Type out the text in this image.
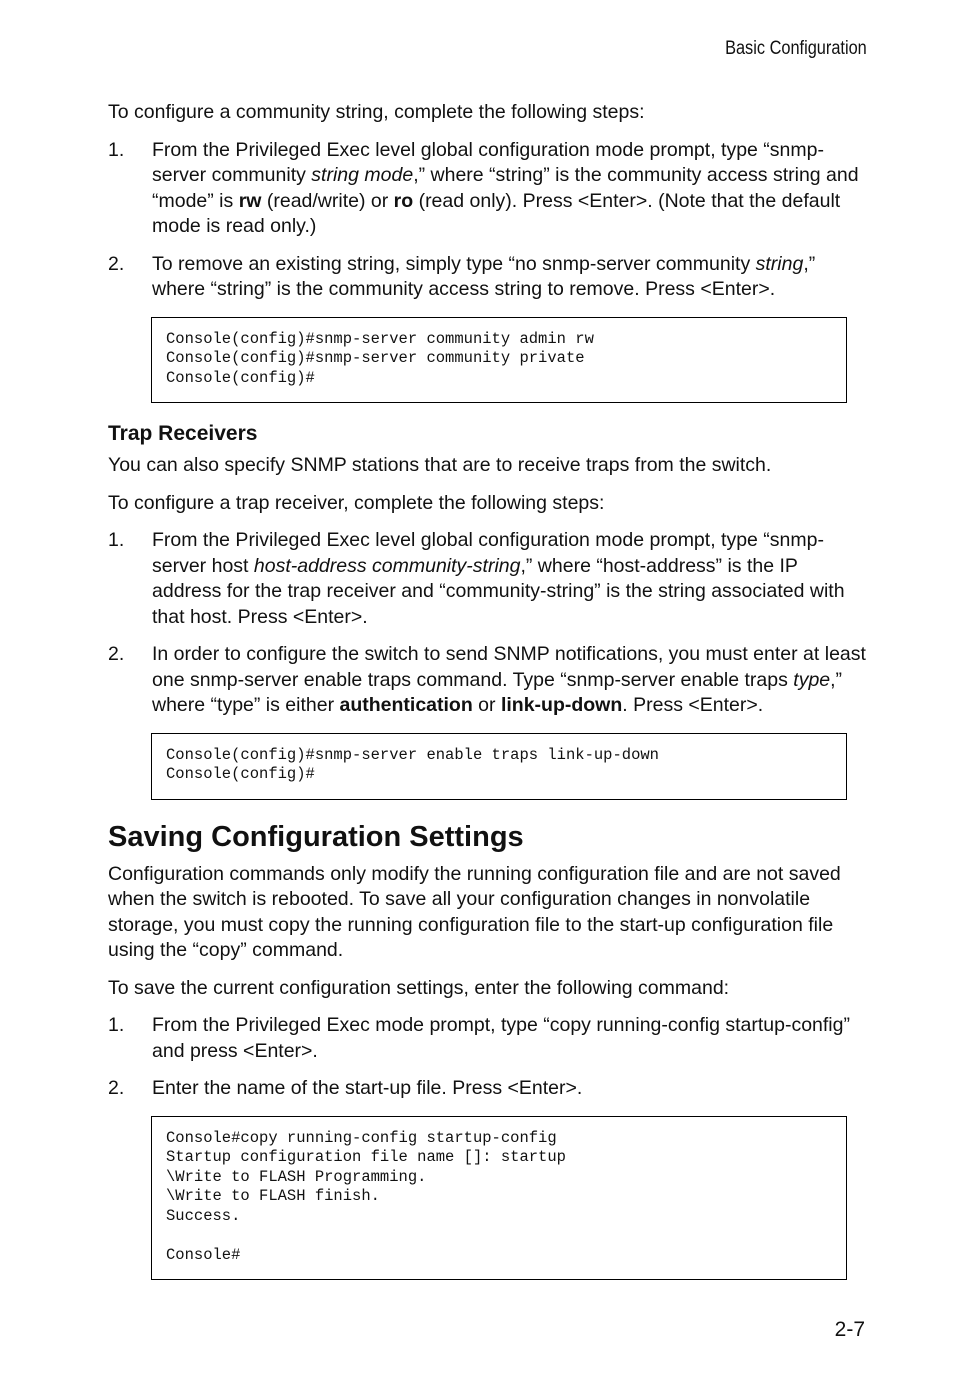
Basic Configuration

To configure a community string, complete the following steps:

1. From the Privileged Exec level global configuration mode prompt, type “snmp-server community string mode,” where “string” is the community access string and “mode” is rw (read/write) or ro (read only). Press <Enter>. (Note that the default mode is read only.)

2. To remove an existing string, simply type “no snmp-server community string,” where “string” is the community access string to remove. Press <Enter>.

Console(config)#snmp-server community admin rw
Console(config)#snmp-server community private
Console(config)#
Trap Receivers

You can also specify SNMP stations that are to receive traps from the switch.

To configure a trap receiver, complete the following steps:

1. From the Privileged Exec level global configuration mode prompt, type “snmp-server host host-address community-string,” where “host-address” is the IP address for the trap receiver and “community-string” is the string associated with that host. Press <Enter>.

2. In order to configure the switch to send SNMP notifications, you must enter at least one snmp-server enable traps command. Type “snmp-server enable traps type,” where “type” is either authentication or link-up-down. Press <Enter>.

Console(config)#snmp-server enable traps link-up-down
Console(config)#
Saving Configuration Settings

Configuration commands only modify the running configuration file and are not saved when the switch is rebooted. To save all your configuration changes in nonvolatile storage, you must copy the running configuration file to the start-up configuration file using the “copy” command.

To save the current configuration settings, enter the following command:

1. From the Privileged Exec mode prompt, type “copy running-config startup-config” and press <Enter>.

2. Enter the name of the start-up file. Press <Enter>.

Console#copy running-config startup-config
Startup configuration file name []: startup
\Write to FLASH Programming.
\Write to FLASH finish.
Success.
Console#
2-7
